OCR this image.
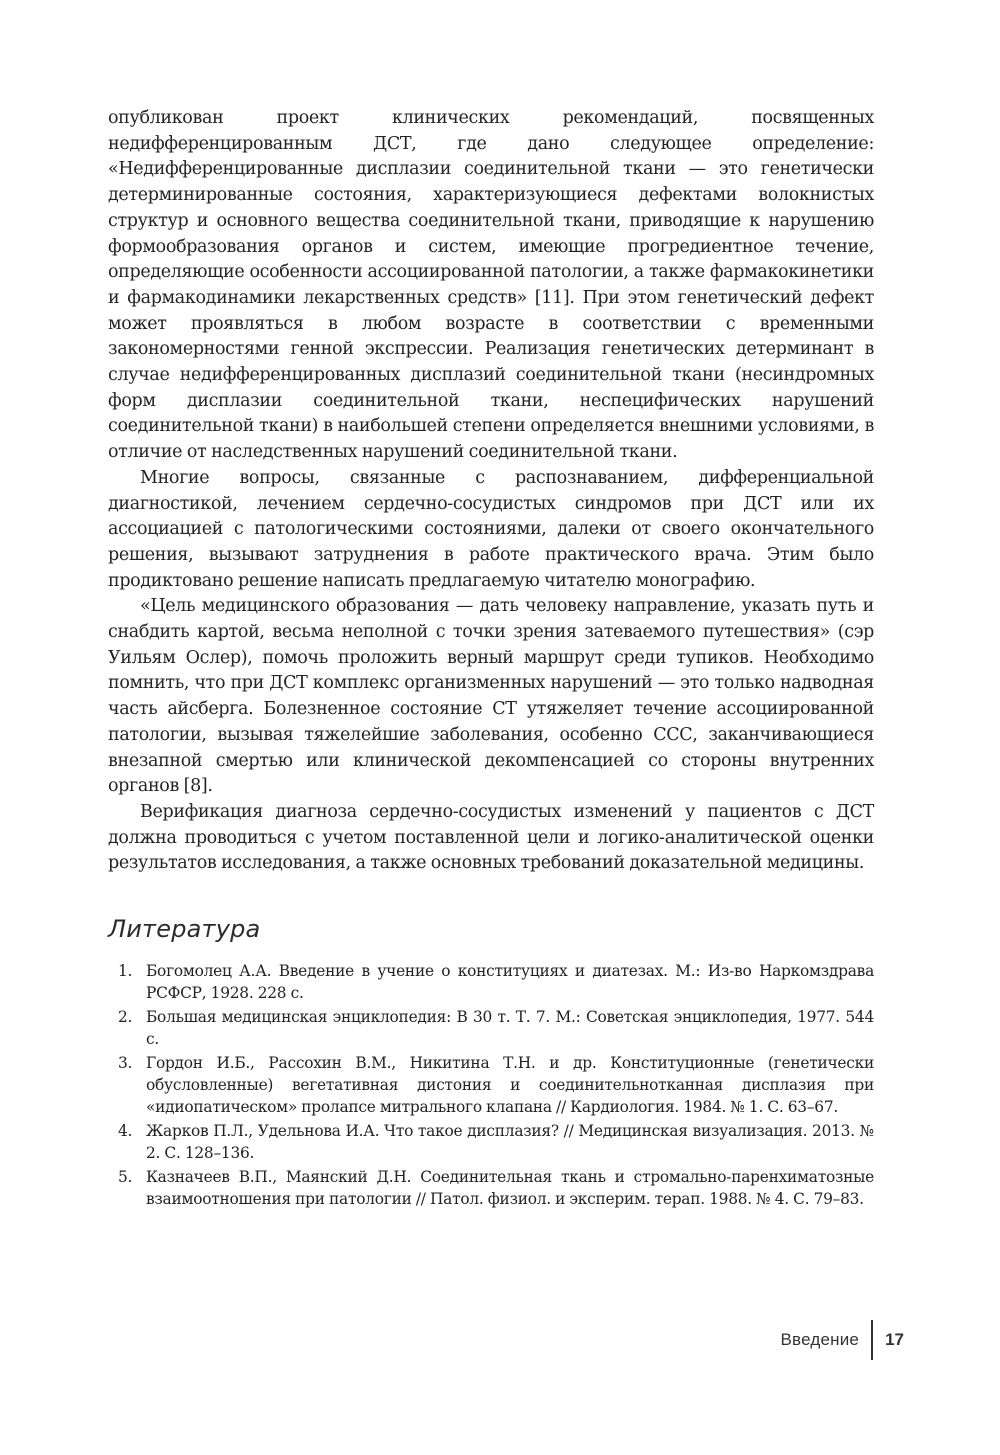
опубликован проект клинических рекомендаций, посвященных недифференцированным ДСТ, где дано следующее определение: «Недифференцированные дисплазии соединительной ткани — это генетически детерминированные состояния, характеризующиеся дефектами волокнистых структур и основного вещества соединительной ткани, приводящие к нарушению формообразования органов и систем, имеющие прогредиентное течение, определяющие особенности ассоциированной патологии, а также фармакокинетики и фармакодинамики лекарственных средств» [11]. При этом генетический дефект может проявляться в любом возрасте в соответствии с временными закономерностями генной экспрессии. Реализация генетических детерминант в случае недифференцированных дисплазий соединительной ткани (несиндромных форм дисплазии соединительной ткани, неспецифических нарушений соединительной ткани) в наибольшей степени определяется внешними условиями, в отличие от наследственных нарушений соединительной ткани.

Многие вопросы, связанные с распознаванием, дифференциальной диагностикой, лечением сердечно-сосудистых синдромов при ДСТ или их ассоциацией с патологическими состояниями, далеки от своего окончательного решения, вызывают затруднения в работе практического врача. Этим было продиктовано решение написать предлагаемую читателю монографию.

«Цель медицинского образования — дать человеку направление, указать путь и снабдить картой, весьма неполной с точки зрения затеваемого путешествия» (сэр Уильям Ослер), помочь проложить верный маршрут среди тупиков. Необходимо помнить, что при ДСТ комплекс организменных нарушений — это только надводная часть айсберга. Болезненное состояние СТ утяжеляет течение ассоциированной патологии, вызывая тяжелейшие заболевания, особенно ССС, заканчивающиеся внезапной смертью или клинической декомпенсацией со стороны внутренних органов [8].

Верификация диагноза сердечно-сосудистых изменений у пациентов с ДСТ должна проводиться с учетом поставленной цели и логико-аналитической оценки результатов исследования, а также основных требований доказательной медицины.

Литература
1. Богомолец А.А. Введение в учение о конституциях и диатезах. М.: Из-во Наркомздрава РСФСР, 1928. 228 с.
2. Большая медицинская энциклопедия: В 30 т. Т. 7. М.: Советская энциклопедия, 1977. 544 с.
3. Гордон И.Б., Рассохин В.М., Никитина Т.Н. и др. Конституционные (генетически обусловленные) вегетативная дистония и соединительнотканная дисплазия при «идиопатическом» пролапсе митрального клапана // Кардиология. 1984. № 1. С. 63–67.
4. Жарков П.Л., Удельнова И.А. Что такое дисплазия? // Медицинская визуализация. 2013. № 2. С. 128–136.
5. Казначеев В.П., Маянский Д.Н. Соединительная ткань и стромально-паренхиматозные взаимоотношения при патологии // Патол. физиол. и эксперим. терап. 1988. № 4. С. 79–83.
Введение	17
